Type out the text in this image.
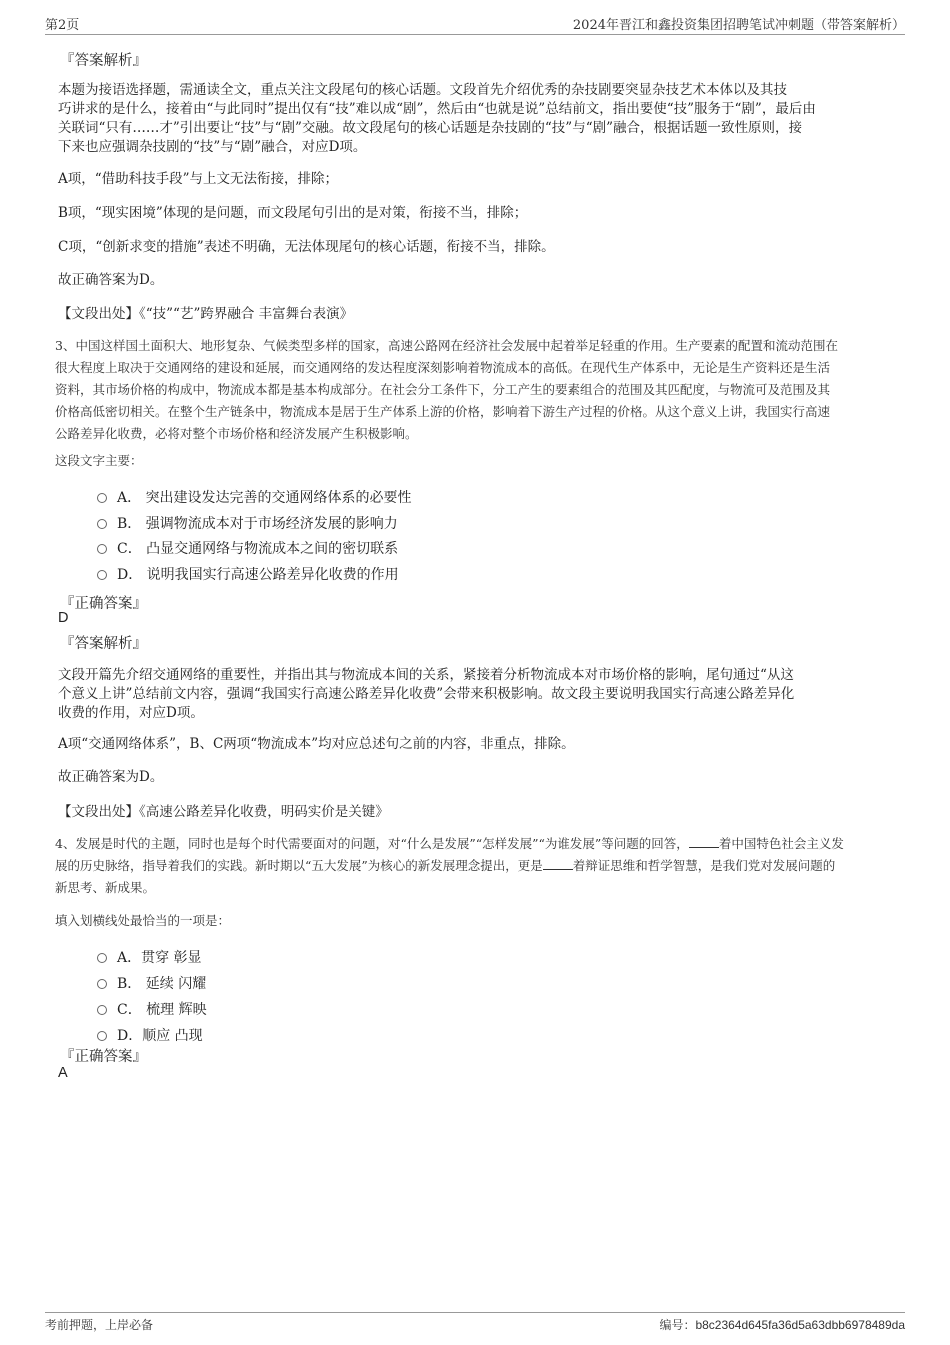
第2页	2024年晋江和鑫投资集团招聘笔试冲刺题（带答案解析）
『答案解析』
本题为接语选择题，需通读全文，重点关注文段尾句的核心话题。文段首先介绍优秀的杂技剧要突显杂技艺术本体以及其技
巧讲求的是什么，接着由“与此同时”提出仅有“技”难以成“剧”，然后由“也就是说”总结前文，指出要使“技”服务于“剧”，最后由
关联词“只有……才”引出要让“技”与“剧”交融。故文段尾句的核心话题是杂技剧的“技”与“剧”融合，根据话题一致性原则，接
下来也应强调杂技剧的“技”与“剧”融合，对应D项。
A项，“借助科技手段”与上文无法衔接，排除；
B项，“现实困境”体现的是问题，而文段尾句引出的是对策，衔接不当，排除；
C项，“创新求变的措施”表述不明确，无法体现尾句的核心话题，衔接不当，排除。
故正确答案为D。
【文段出处】《“技”“艺”跨界融合 丰富舞台表演》
3、中国这样国土面积大、地形复杂、气候类型多样的国家，高速公路网在经济社会发展中起着举足轻重的作用。生产要素的配置和流动范围在
很大程度上取决于交通网络的建设和延展，而交通网络的发达程度深刻影响着物流成本的高低。在现代生产体系中，无论是生产资料还是生活
资料，其市场价格的构成中，物流成本都是基本构成部分。在社会分工条件下，分工产生的要素组合的范围及其匹配度，与物流可及范围及其
价格高低密切相关。在整个生产链条中，物流成本是居于生产体系上游的价格，影响着下游生产过程的价格。从这个意义上讲，我国实行高速
公路差异化收费，必将对整个市场价格和经济发展产生积极影响。
这段文字主要：
A． 突出建设发达完善的交通网络体系的必要性
B． 强调物流成本对于市场经济发展的影响力
C． 凸显交通网络与物流成本之间的密切联系
D． 说明我国实行高速公路差异化收费的作用
『正确答案』
D
『答案解析』
文段开篇先介绍交通网络的重要性，并指出其与物流成本间的关系，紧接着分析物流成本对市场价格的影响，尾句通过“从这
个意义上讲”总结前文内容，强调“我国实行高速公路差异化收费”会带来积极影响。故文段主要说明我国实行高速公路差异化
收费的作用，对应D项。
A项“交通网络体系”，B、C两项“物流成本”均对应总述句之前的内容，非重点，排除。
故正确答案为D。
【文段出处】《高速公路差异化收费，明码实价是关键》
4、发展是时代的主题，同时也是每个时代需要面对的问题，对“什么是发展”“怎样发展”“为谁发展”等问题的回答， 着中国特色社会主义发
展的历史脉络，指导着我们的实践。新时期以“五大发展”为核心的新发展理念提出，更是 着辩证思维和哲学智慧，是我们党对发展问题的
新思考、新成果。
填入划横线处最恰当的一项是：
A．贯穿 彰显
B． 延续 闪耀
C． 梳理 辉映
D．顺应 凸现
『正确答案』
A
考前押题，上岸必备	编号：b8c2364d645fa36d5a63dbb6978489da
